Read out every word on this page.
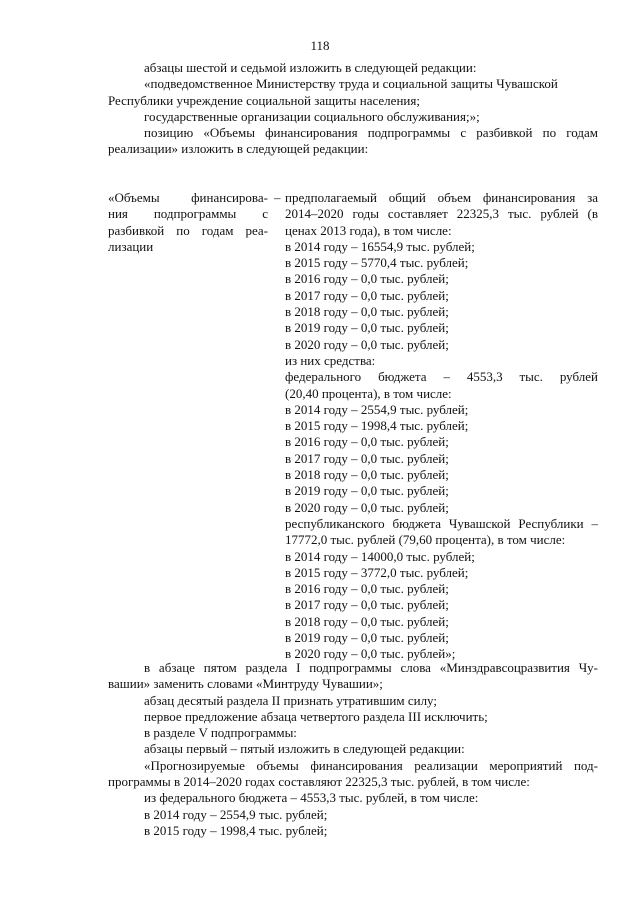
118

абзацы шестой и седьмой изложить в следующей редакции:

«подведомственное Министерству труда и социальной защиты Чувашской

Республики учреждение социальной защиты населения;

государственные организации социального обслуживания;»;

позицию «Объемы финансирования подпрограммы с разбивкой по годам

реализации» изложить в следующей редакции:

«Объемы финансирова-

ния подпрограммы с

разбивкой по годам реа-

лизации

– предполагаемый общий объем финансирования за

2014–2020 годы составляет 22325,3 тыс. рублей (в

ценах 2013 года), в том числе:

в 2014 году – 16554,9 тыс. рублей;

в 2015 году – 5770,4 тыс. рублей;

в 2016 году – 0,0 тыс. рублей;

в 2017 году – 0,0 тыс. рублей;

в 2018 году – 0,0 тыс. рублей;

в 2019 году – 0,0 тыс. рублей;

в 2020 году – 0,0 тыс. рублей;

из них средства:

федерального бюджета – 4553,3 тыс. рублей

(20,40 процента), в том числе:

в 2014 году – 2554,9 тыс. рублей;

в 2015 году – 1998,4 тыс. рублей;

в 2016 году – 0,0 тыс. рублей;

в 2017 году – 0,0 тыс. рублей;

в 2018 году – 0,0 тыс. рублей;

в 2019 году – 0,0 тыс. рублей;

в 2020 году – 0,0 тыс. рублей;

республиканского бюджета Чувашской Республики –

17772,0 тыс. рублей (79,60 процента), в том числе:

в 2014 году – 14000,0 тыс. рублей;

в 2015 году – 3772,0 тыс. рублей;

в 2016 году – 0,0 тыс. рублей;

в 2017 году – 0,0 тыс. рублей;

в 2018 году – 0,0 тыс. рублей;

в 2019 году – 0,0 тыс. рублей;

в 2020 году – 0,0 тыс. рублей»;

в абзаце пятом раздела I подпрограммы слова «Минздравсоцразвития Чу-

вашии» заменить словами «Минтруду Чувашии»;

абзац десятый раздела II признать утратившим силу;

первое предложение абзаца четвертого раздела III исключить;

в разделе V подпрограммы:

абзацы первый – пятый изложить в следующей редакции:

«Прогнозируемые объемы финансирования реализации мероприятий под-

программы в 2014–2020 годах составляют 22325,3 тыс. рублей, в том числе:

из федерального бюджета – 4553,3 тыс. рублей, в том числе:

в 2014 году – 2554,9 тыс. рублей;

в 2015 году – 1998,4 тыс. рублей;
